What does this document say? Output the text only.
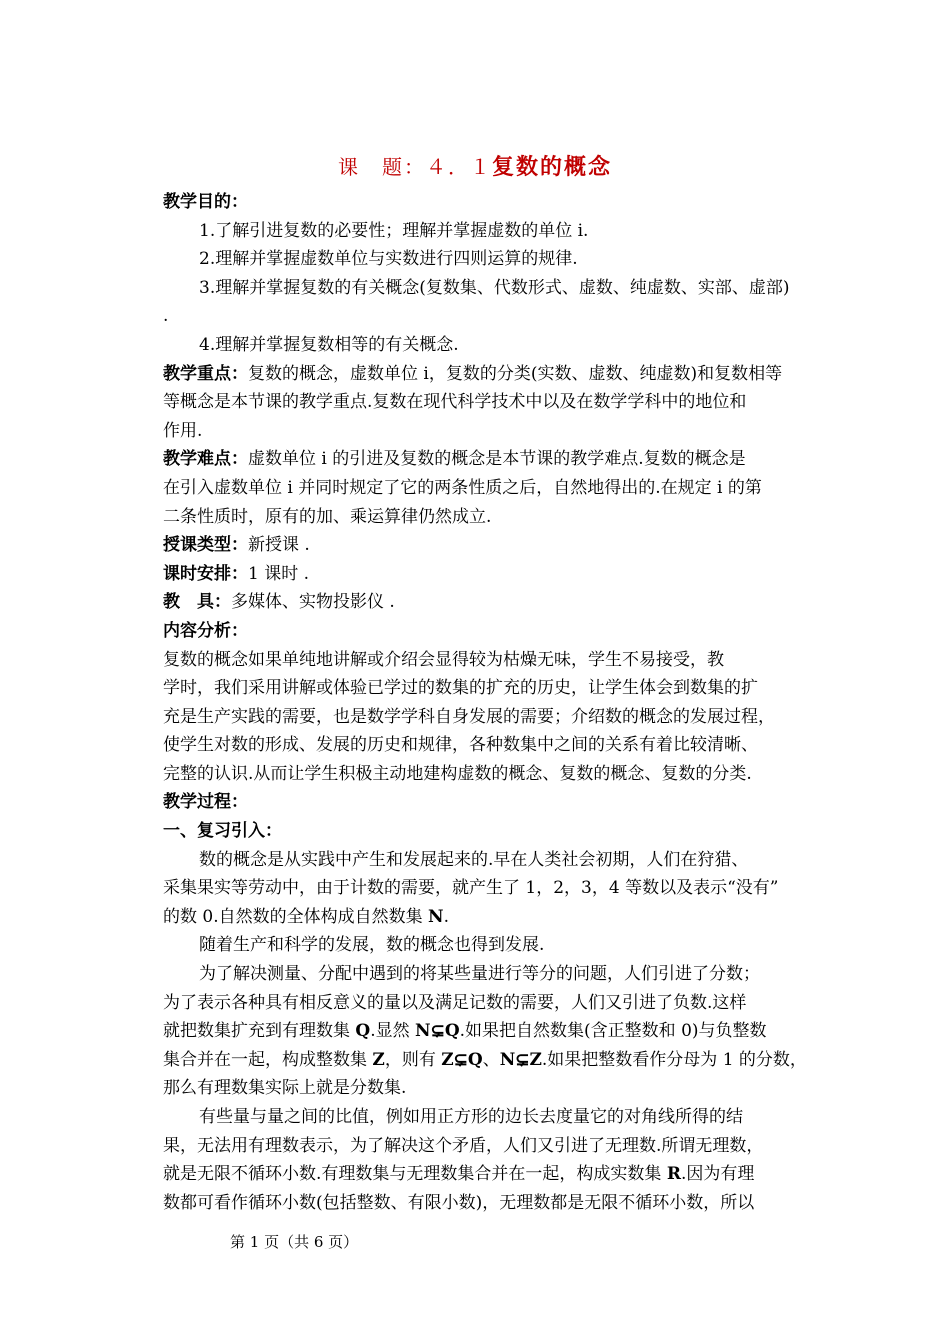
课　题：４．１复数的概念
教学目的：
1.了解引进复数的必要性；理解并掌握虚数的单位 i.
2.理解并掌握虚数单位与实数进行四则运算的规律.
3.理解并掌握复数的有关概念(复数集、代数形式、虚数、纯虚数、实部、虚部)
.
4.理解并掌握复数相等的有关概念.
教学重点：复数的概念，虚数单位 i，复数的分类(实数、虚数、纯虚数)和复数相等
等概念是本节课的教学重点.复数在现代科学技术中以及在数学学科中的地位和
作用.
教学难点：虚数单位 i 的引进及复数的概念是本节课的教学难点.复数的概念是
在引入虚数单位 i 并同时规定了它的两条性质之后，自然地得出的.在规定 i 的第
二条性质时，原有的加、乘运算律仍然成立.
授课类型：新授课 .
课时安排：1 课时 .
教　具：多媒体、实物投影仪 .
内容分析：
复数的概念如果单纯地讲解或介绍会显得较为枯燥无味，学生不易接受，教
学时，我们采用讲解或体验已学过的数集的扩充的历史，让学生体会到数集的扩
充是生产实践的需要，也是数学学科自身发展的需要；介绍数的概念的发展过程，
使学生对数的形成、发展的历史和规律，各种数集中之间的关系有着比较清晰、
完整的认识.从而让学生积极主动地建构虚数的概念、复数的概念、复数的分类.
教学过程：
一、复习引入：
数的概念是从实践中产生和发展起来的.早在人类社会初期，人们在狩猎、
采集果实等劳动中，由于计数的需要，就产生了 1，2，3，4 等数以及表示“没有”
的数 0.自然数的全体构成自然数集 N.
随着生产和科学的发展，数的概念也得到发展.
为了解决测量、分配中遇到的将某些量进行等分的问题，人们引进了分数；
为了表示各种具有相反意义的量以及满足记数的需要，人们又引进了负数.这样
就把数集扩充到有理数集 Q.显然 N⊊Q.如果把自然数集(含正整数和 0)与负整数
集合并在一起，构成整数集 Z，则有 Z⊊Q、N⊊Z.如果把整数看作分母为 1 的分数，
那么有理数集实际上就是分数集.
有些量与量之间的比值，例如用正方形的边长去度量它的对角线所得的结
果，无法用有理数表示，为了解决这个矛盾，人们又引进了无理数.所谓无理数，
就是无限不循环小数.有理数集与无理数集合并在一起，构成实数集 R.因为有理
数都可看作循环小数(包括整数、有限小数)，无理数都是无限不循环小数，所以
第 1 页（共 6 页）
